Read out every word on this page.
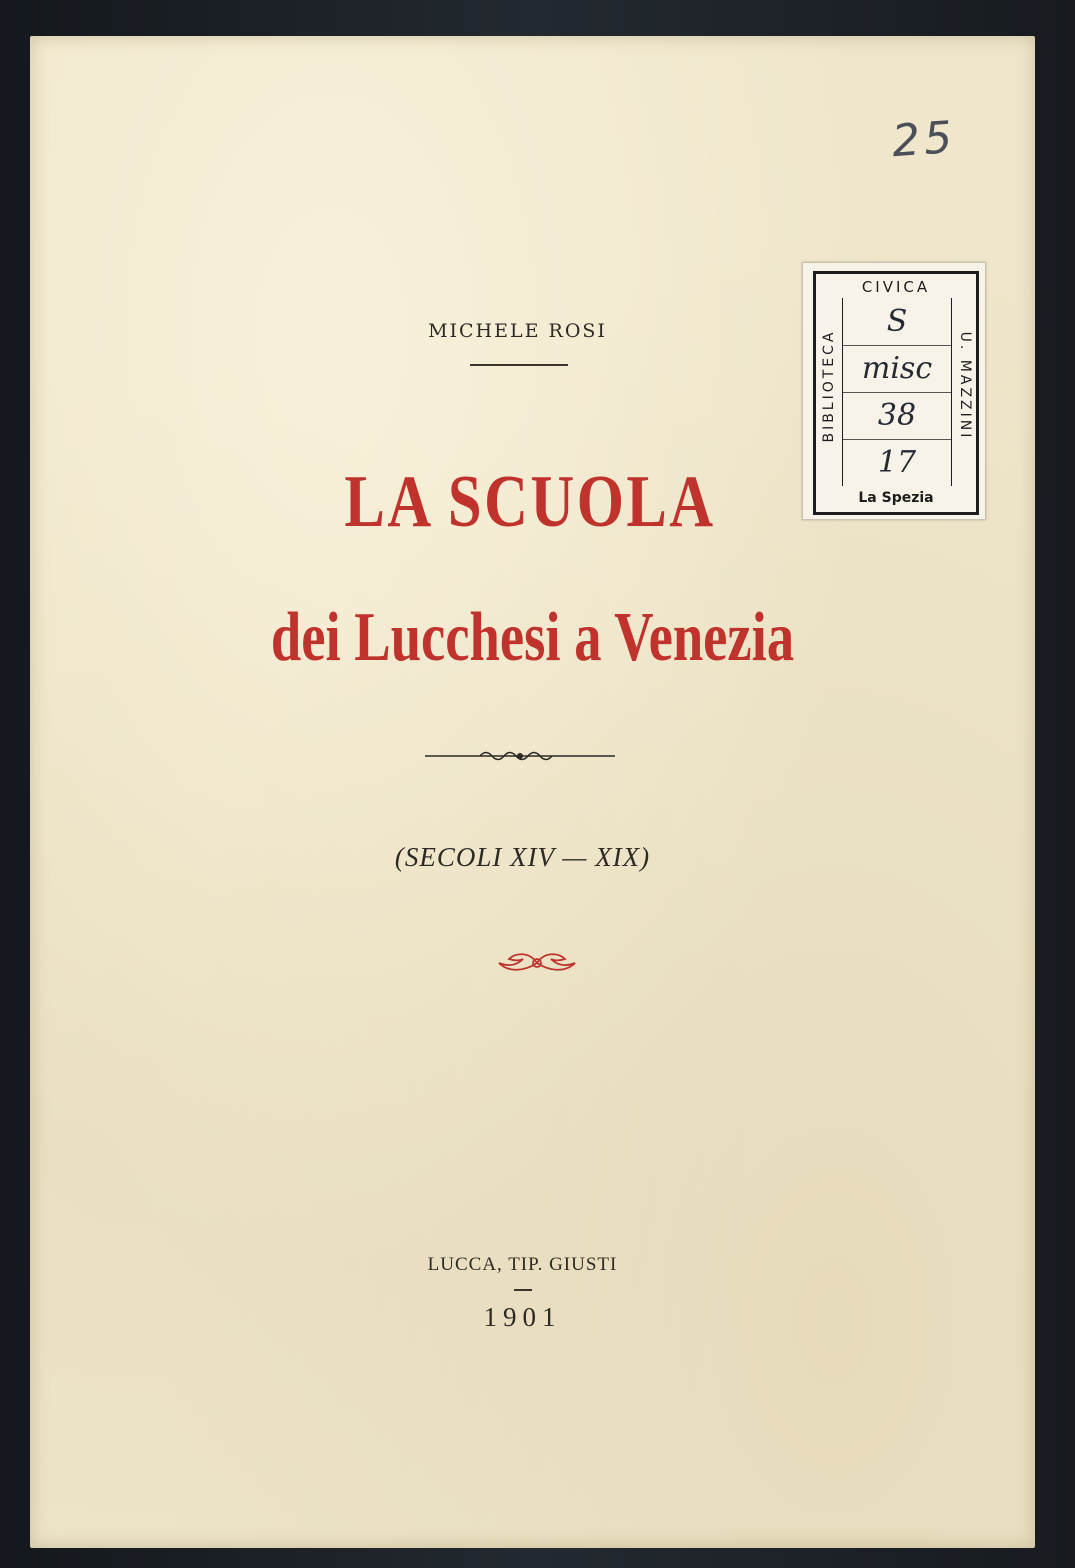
25
MICHELE ROSI
LA SCUOLA
dei Lucchesi a Venezia
(SECOLI XIV — XIX)
LUCCA, TIP. GIUSTI
1901
CIVICA
BIBLIOTECA	U. MAZZINI
S
misc
38
17
La Spezia
